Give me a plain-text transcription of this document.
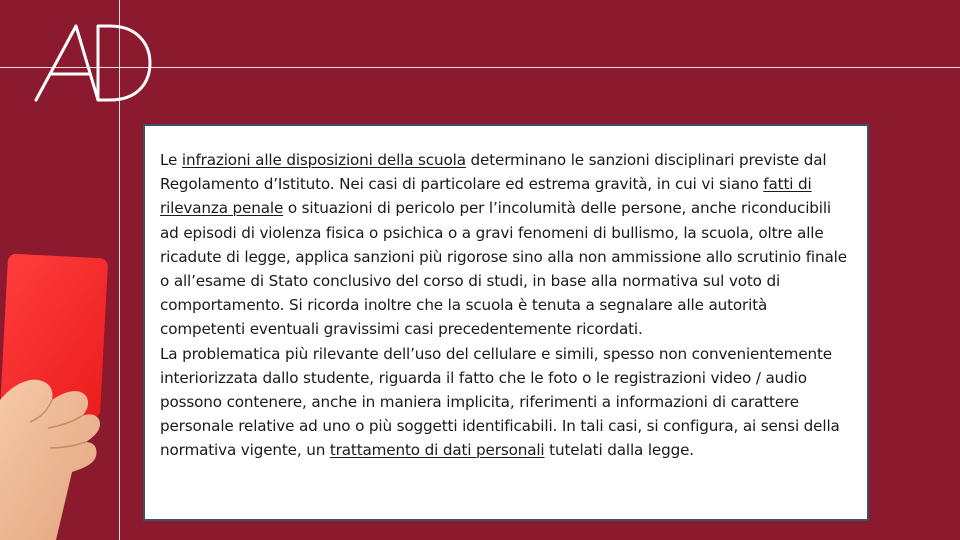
Le infrazioni alle disposizioni della scuola determinano le sanzioni disciplinari previste dal Regolamento d’Istituto. Nei casi di particolare ed estrema gravità, in cui vi siano fatti di rilevanza penale o situazioni di pericolo per l’incolumità delle persone, anche riconducibili ad episodi di violenza fisica o psichica o a gravi fenomeni di bullismo, la scuola, oltre alle ricadute di legge, applica sanzioni più rigorose sino alla non ammissione allo scrutinio finale o all’esame di Stato conclusivo del corso di studi, in base alla normativa sul voto di comportamento. Si ricorda inoltre che la scuola è tenuta a segnalare alle autorità competenti eventuali gravissimi casi precedentemente ricordati.

La problematica più rilevante dell’uso del cellulare e simili, spesso non convenientemente interiorizzata dallo studente, riguarda il fatto che le foto o le registrazioni video / audio possono contenere, anche in maniera implicita, riferimenti a informazioni di carattere personale relative ad uno o più soggetti identificabili. In tali casi, si configura, ai sensi della normativa vigente, un trattamento di dati personali tutelati dalla legge.
